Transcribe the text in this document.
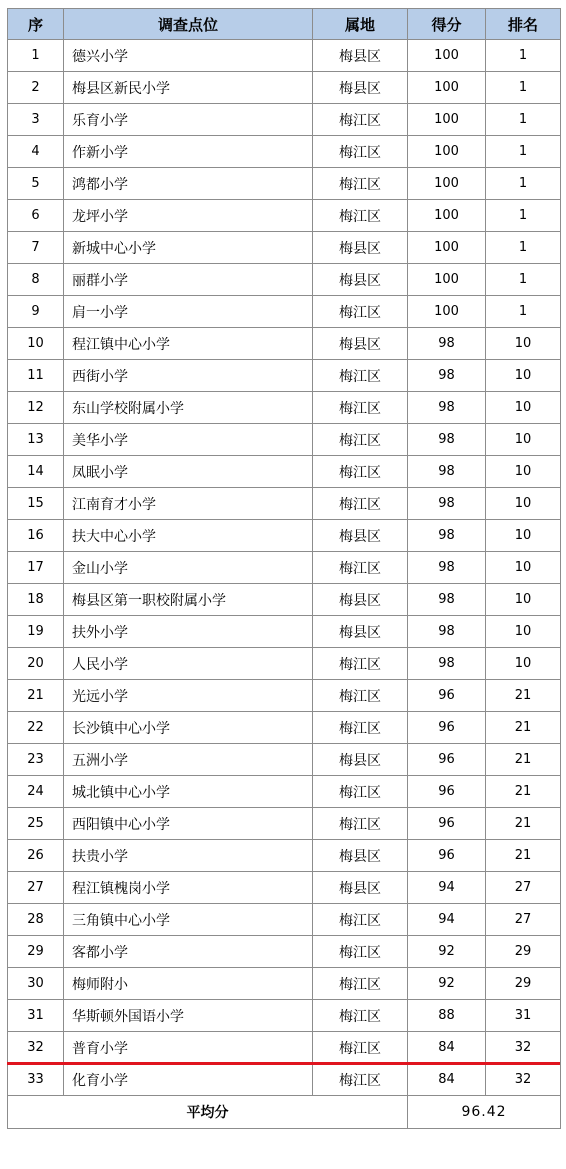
序	调查点位	属地	得分	排名
1	德兴小学	梅县区	100	1
2	梅县区新民小学	梅县区	100	1
3	乐育小学	梅江区	100	1
4	作新小学	梅江区	100	1
5	鸿都小学	梅江区	100	1
6	龙坪小学	梅江区	100	1
7	新城中心小学	梅县区	100	1
8	丽群小学	梅县区	100	1
9	肩一小学	梅江区	100	1
10	程江镇中心小学	梅县区	98	10
11	西街小学	梅江区	98	10
12	东山学校附属小学	梅江区	98	10
13	美华小学	梅江区	98	10
14	凤眠小学	梅江区	98	10
15	江南育才小学	梅江区	98	10
16	扶大中心小学	梅县区	98	10
17	金山小学	梅江区	98	10
18	梅县区第一职校附属小学	梅县区	98	10
19	扶外小学	梅县区	98	10
20	人民小学	梅江区	98	10
21	光远小学	梅江区	96	21
22	长沙镇中心小学	梅江区	96	21
23	五洲小学	梅县区	96	21
24	城北镇中心小学	梅江区	96	21
25	西阳镇中心小学	梅江区	96	21
26	扶贵小学	梅县区	96	21
27	程江镇槐岗小学	梅县区	94	27
28	三角镇中心小学	梅江区	94	27
29	客都小学	梅江区	92	29
30	梅师附小	梅江区	92	29
31	华斯顿外国语小学	梅江区	88	31
32	普育小学	梅江区	84	32
33	化育小学	梅江区	84	32
平均分			96.42	
